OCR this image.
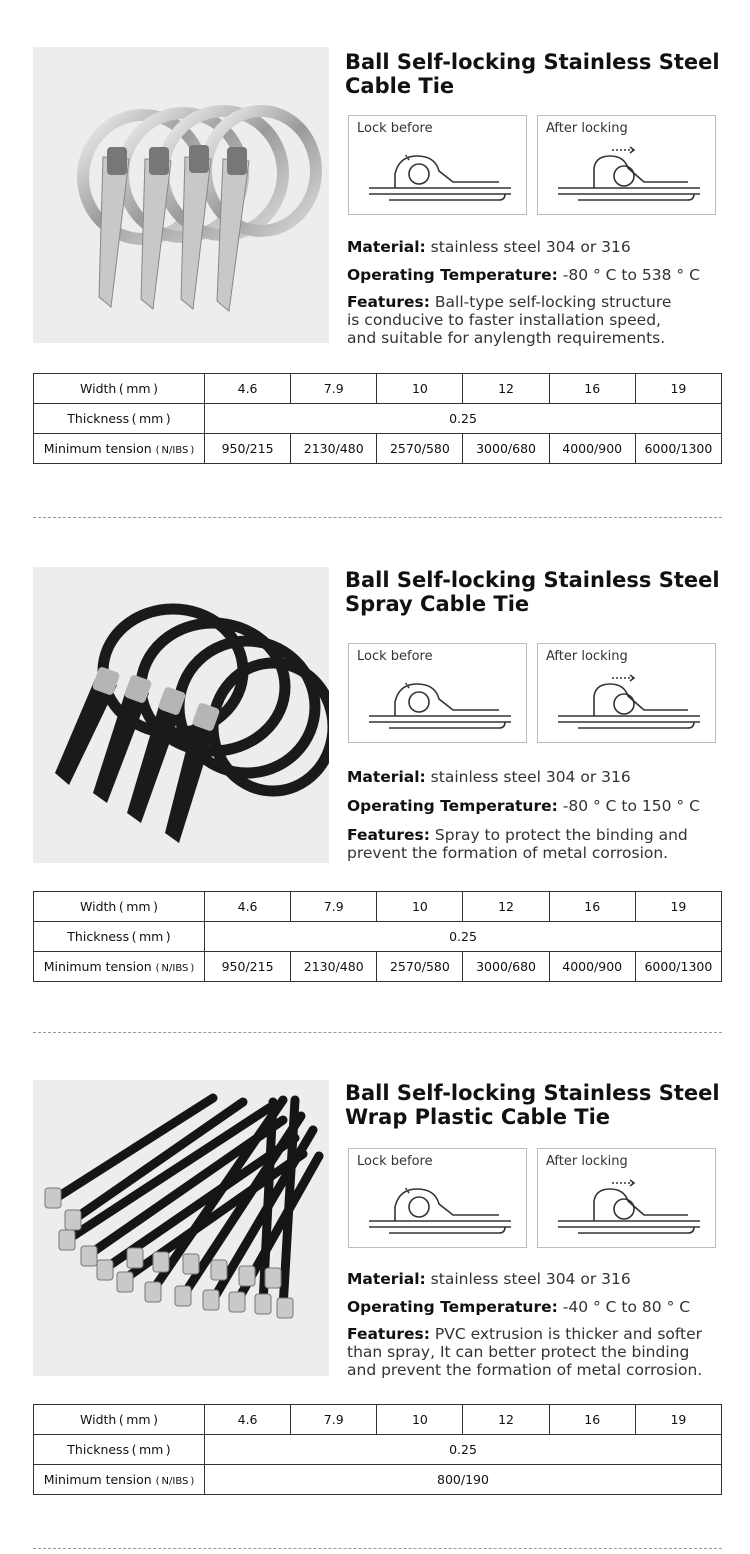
Ball Self-locking Stainless Steel
Cable Tie
Lock before	After locking
Material: stainless steel 304 or 316
Operating Temperature: -80 ° C to 538 ° C
Features: Ball-type self-locking structure
is conducive to faster installation speed,
and suitable for anylength requirements.
Width ( mm )	4.6	7.9	10	12	16	19
Thickness ( mm )	0.25					
Minimum tension ( N/IBS )	950/215	2130/480	2570/580	3000/680	4000/900	6000/1300
Ball Self-locking Stainless Steel
Spray Cable Tie
Lock before	After locking
Material: stainless steel 304 or 316
Operating Temperature: -80 ° C to 150 ° C
Features: Spray to protect the binding and
prevent the formation of metal corrosion.
Width ( mm )	4.6	7.9	10	12	16	19
Thickness ( mm )	0.25					
Minimum tension ( N/IBS )	950/215	2130/480	2570/580	3000/680	4000/900	6000/1300
Ball Self-locking Stainless Steel
Wrap Plastic Cable Tie
Lock before	After locking
Material: stainless steel 304 or 316
Operating Temperature: -40 ° C to 80 ° C
Features: PVC extrusion is thicker and softer
than spray, It can better protect the binding
and prevent the formation of metal corrosion.
Width ( mm )	4.6	7.9	10	12	16	19
Thickness ( mm )	0.25					
Minimum tension ( N/IBS )	800/190					
